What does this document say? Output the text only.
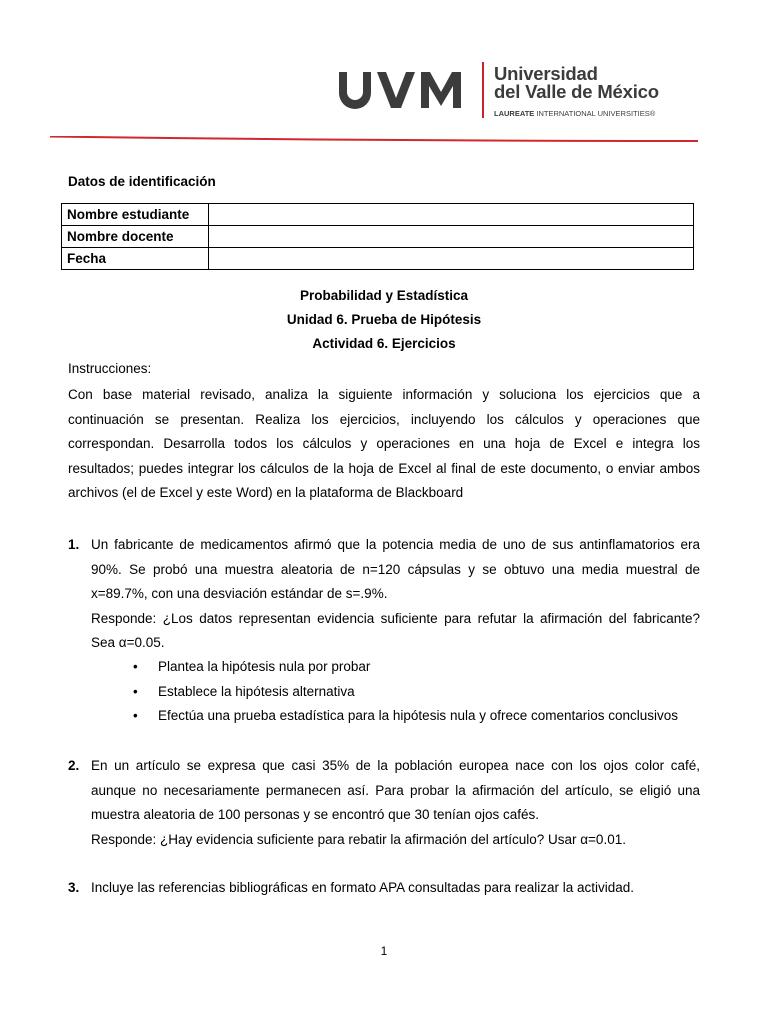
Universidad
del Valle de México
LAUREATE INTERNATIONAL UNIVERSITIES®
Datos de identificación
Nombre estudiante	
Nombre docente	
Fecha	
Probabilidad y Estadística
Unidad 6. Prueba de Hipótesis
Actividad 6. Ejercicios
Instrucciones:
Con base material revisado, analiza la siguiente información y soluciona los ejercicios que a
continuación se presentan. Realiza los ejercicios, incluyendo los cálculos y operaciones que
correspondan. Desarrolla todos los cálculos y operaciones en una hoja de Excel e integra los
resultados; puedes integrar los cálculos de la hoja de Excel al final de este documento, o enviar ambos
archivos (el de Excel y este Word) en la plataforma de Blackboard
1. Un fabricante de medicamentos afirmó que la potencia media de uno de sus antinflamatorios era
90%. Se probó una muestra aleatoria de n=120 cápsulas y se obtuvo una media muestral de
x=89.7%, con una desviación estándar de s=.9%.
Responde: ¿Los datos representan evidencia suficiente para refutar la afirmación del fabricante?
Sea α=0.05.
• Plantea la hipótesis nula por probar
• Establece la hipótesis alternativa
• Efectúa una prueba estadística para la hipótesis nula y ofrece comentarios conclusivos
2. En un artículo se expresa que casi 35% de la población europea nace con los ojos color café,
aunque no necesariamente permanecen así. Para probar la afirmación del artículo, se eligió una
muestra aleatoria de 100 personas y se encontró que 30 tenían ojos cafés.
Responde: ¿Hay evidencia suficiente para rebatir la afirmación del artículo? Usar α=0.01.
3. Incluye las referencias bibliográficas en formato APA consultadas para realizar la actividad.
1
